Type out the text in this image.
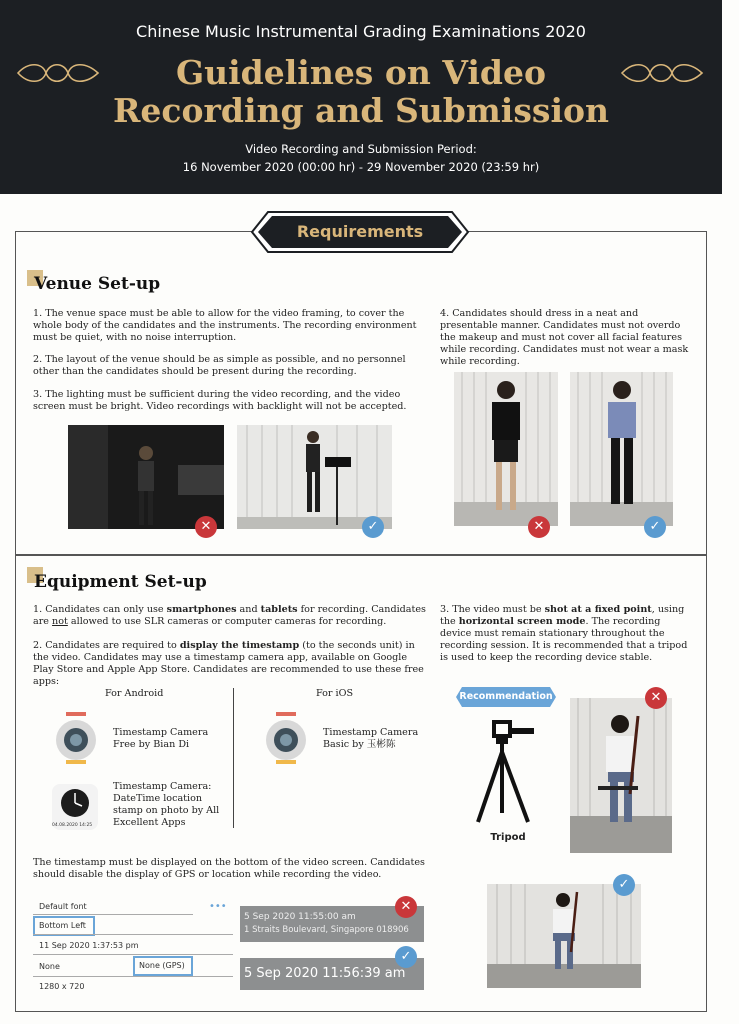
Chinese Music Instrumental Grading Examinations 2020
Guidelines on Video
Recording and Submission
Video Recording and Submission Period:
16 November 2020 (00:00 hr) - 29 November 2020 (23:59 hr)
Requirements
Venue Set-up
1. The venue space must be able to allow for the video framing, to cover the whole body of the candidates and the instruments. The recording environment must be quiet, with no noise interruption.
2. The layout of the venue should be as simple as possible, and no personnel other than the candidates should be present during the recording.
3. The lighting must be sufficient during the video recording, and the video screen must be bright. Video recordings with backlight will not be accepted.
4. Candidates should dress in a neat and presentable manner. Candidates must not overdo the makeup and must not cover all facial features while recording. Candidates must not wear a mask while recording.
✕	✓	✕	✓
Equipment Set-up
1. Candidates can only use smartphones and tablets for recording. Candidates are not allowed to use SLR cameras or computer cameras for recording.
2. Candidates are required to display the timestamp (to the seconds unit) in the video. Candidates may use a timestamp camera app, available on Google Play Store and Apple App Store. Candidates are recommended to use these free apps:
3. The video must be shot at a fixed point, using the horizontal screen mode. The recording device must remain stationary throughout the recording session. It is recommended that a tripod is used to keep the recording device stable.
For Android	For iOS
Timestamp Camera
Free by Bian Di
04.08.2020 14:25
Timestamp Camera:
DateTime location
stamp on photo by All
Excellent Apps
Timestamp Camera
Basic by 玉彬陈
Recommendation
Tripod
✕
✓
The timestamp must be displayed on the bottom of the video screen. Candidates should disable the display of GPS or location while recording the video.
Default font	•••
Bottom Left
11 Sep 2020 1:37:53 pm
None	None (GPS)
1280 x 720
5 Sep 2020 11:55:00 am
1 Straits Boulevard, Singapore 018906
✕
5 Sep 2020 11:56:39 am
✓
